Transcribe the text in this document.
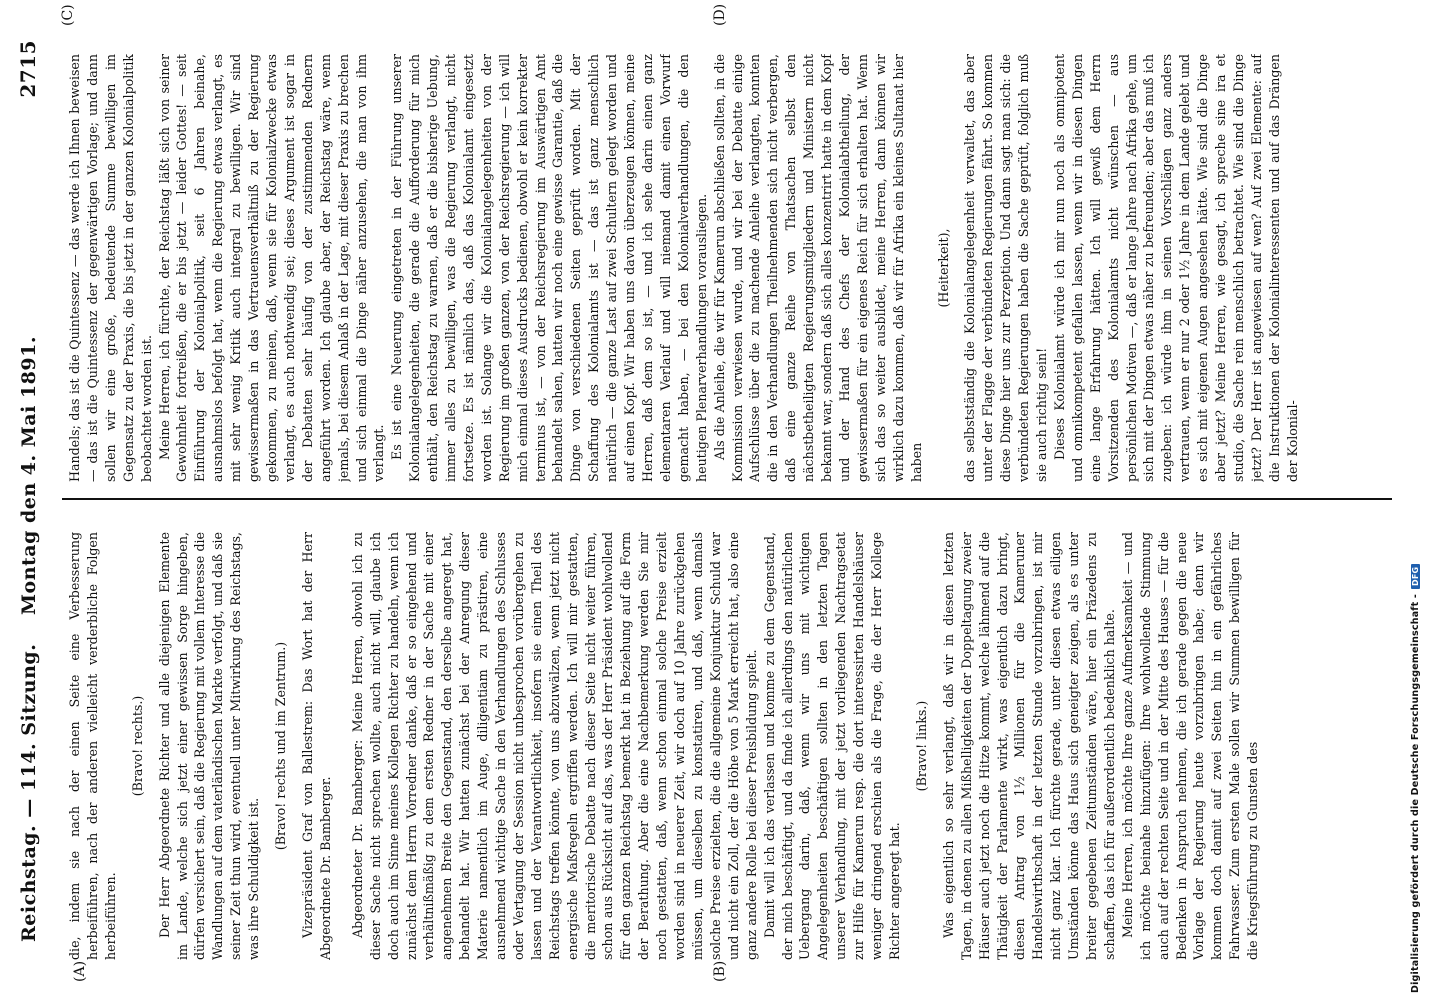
Reichstag. — 114. Sitzung.
Montag den 4. Mai 1891.
2715
(A)	(B)
(C)	(D)

die, indem sie nach der einen Seite eine Verbesserung herbeiführen, nach der anderen vielleicht verderbliche Folgen herbeiführen.

(Bravo! rechts.) Der Herr Abgeordnete Richter und alle diejenigen Elemente im Lande, welche sich jetzt einer gewissen Sorge hingeben, dürfen versichert sein, daß die Regierung mit vollem Interesse die Wandlungen auf dem vaterländischen Markte verfolgt, und daß sie seiner Zeit thun wird, eventuell unter Mitwirkung des Reichstags, was ihre Schuldigkeit ist.

(Bravo! rechts und im Zentrum.) Vizepräsident Graf von Ballestrem: Das Wort hat der Herr Abgeordnete Dr. Bamberger. Abgeordneter Dr. Bamberger: Meine Herren, obwohl ich zu dieser Sache nicht sprechen wollte, auch nicht will, glaube ich doch auch im Sinne meines Kollegen Richter zu handeln, wenn ich zunächst dem Herrn Vorredner danke, daß er so eingehend und verhältnißmäßig zu dem ersten Redner in der Sache mit einer angenehmen Breite den Gegenstand, den derselbe angeregt hat, behandelt hat. Wir hatten zunächst bei der Anregung dieser Materie namentlich im Auge, diligentiam zu prästiren, eine ausnehmend wichtige Sache in den Verhandlungen des Schlusses oder Vertagung der Session nicht unbesprochen vorübergehen zu lassen und der Verantwortlichkeit, insofern sie einen Theil des Reichstags treffen könnte, von uns abzuwälzen, wenn jetzt nicht energische Maßregeln ergriffen werden. Ich will mir gestatten, die meritorische Debatte nach dieser Seite nicht weiter führen, schon aus Rücksicht auf das, was der Herr Präsident wohlwollend für den ganzen Reichstag bemerkt hat in Beziehung auf die Form der Berathung. Aber die eine Nachbemerkung werden Sie mir noch gestatten, daß, wenn schon einmal solche Preise erzielt worden sind in neuerer Zeit, wir doch auf 10 Jahre zurückgehen müssen, um dieselben zu konstatiren, und daß, wenn damals solche Preise erzielten, die die allgemeine Konjunktur Schuld war und nicht ein Zoll, der die Höhe von 5 Mark erreicht hat, also eine ganz andere Rolle bei dieser Preisbildung spielt. Damit will ich das verlassen und komme zu dem Gegenstand, der mich beschäftigt, und da finde ich allerdings den natürlichen Uebergang darin, daß, wenn wir uns mit wichtigen Angelegenheiten beschäftigen sollten in den letzten Tagen unserer Verhandlung, mit der jetzt vorliegenden Nachtragsetat zur Hilfe für Kamerun resp. die dort interessirten Handelshäuser weniger dringend erschien als die Frage, die der Herr Kollege Richter angeregt hat.

(Bravo! links.) Was eigentlich so sehr verlangt, daß wir in diesen letzten Tagen, in denen zu allen Mißhelligkeiten der Doppeltagung zweier Häuser auch jetzt noch die Hitze kommt, welche lähmend auf die Thätigkeit der Parlamente wirkt, was eigentlich dazu bringt, diesen Antrag von 1½ Millionen für die Kameruner Handelswirthschaft in der letzten Stunde vorzubringen, ist mir nicht ganz klar. Ich fürchte gerade, unter diesen etwas eiligen Umständen könne das Haus sich geneigter zeigen, als es unter breiter gegebenen Zeitumständen wäre, hier ein Präzedens zu schaffen, das ich für außerordentlich bedenklich halte. Meine Herren, ich möchte Ihre ganze Aufmerksamkeit — und ich möchte beinahe hinzufügen: Ihre wohlwollende Stimmung auch auf der rechten Seite und in der Mitte des Hauses — für die Bedenken in Anspruch nehmen, die ich gerade gegen die neue Vorlage der Regierung heute vorzubringen habe; denn wir kommen doch damit auf zwei Seiten hin in ein gefährliches Fahrwasser. Zum ersten Male sollen wir Summen bewilligen für die Kriegsführung zu Gunsten des

Handels; das ist die Quintessenz — das werde ich Ihnen beweisen — das ist die Quintessenz der gegenwärtigen Vorlage; und dann sollen wir eine große, bedeutende Summe bewilligen im Gegensatz zu der Praxis, die bis jetzt in der ganzen Kolonialpolitik beobachtet worden ist. Meine Herren, ich fürchte, der Reichstag läßt sich von seiner Gewohnheit fortreißen, die er bis jetzt — leider Gottes! — seit Einführung der Kolonialpolitik, seit 6 Jahren beinahe, ausnahmslos befolgt hat, wenn die Regierung etwas verlangt, es mit sehr wenig Kritik auch integral zu bewilligen. Wir sind gewissermaßen in das Vertrauensverhältniß zu der Regierung gekommen, zu meinen, daß, wenn sie für Kolonialzwecke etwas verlangt, es auch nothwendig sei; dieses Argument ist sogar in der Debatten sehr häufig von der zustimmenden Rednern angeführt worden. Ich glaube aber, der Reichstag wäre, wenn jemals, bei diesem Anlaß in der Lage, mit dieser Praxis zu brechen und sich einmal die Dinge näher anzusehen, die man von ihm verlangt. Es ist eine Neuerung eingetreten in der Führung unserer Kolonialangelegenheiten, die gerade die Aufforderung für mich enthält, den Reichstag zu warnen, daß er die bisherige Uebung, immer alles zu bewilligen, was die Regierung verlangt, nicht fortsetze. Es ist nämlich das, daß das Kolonialamt eingesetzt worden ist. Solange wir die Kolonialangelegenheiten von der Regierung im großen ganzen, von der Reichsregierung — ich will mich einmal dieses Ausdrucks bedienen, obwohl er kein korrekter terminus ist, — von der Reichsregierung im Auswärtigen Amt behandelt sahen, hatten wir noch eine gewisse Garantie, daß die Dinge von verschiedenen Seiten geprüft worden. Mit der Schaffung des Kolonialamts ist — das ist ganz menschlich natürlich — die ganze Last auf zwei Schultern gelegt worden und auf einen Kopf. Wir haben uns davon überzeugen können, meine Herren, daß dem so ist, — und ich sehe darin einen ganz elementaren Verlauf und will niemand damit einen Vorwurf gemacht haben, — bei den Kolonialverhandlungen, die den heutigen Plenarverhandlungen vorausliegen. Als die Anleihe, die wir für Kamerun abschließen sollten, in die Kommission verwiesen wurde, und wir bei der Debatte einige Aufschlüsse über die zu machende Anleihe verlangten, konnten die in den Verhandlungen Theilnehmenden sich nicht verbergen, daß eine ganze Reihe von Thatsachen selbst den nächstbetheiligten Regierungsmitgliedern und Ministern nicht bekannt war, sondern daß sich alles konzentrirt hatte in dem Kopf und der Hand des Chefs der Kolonialabtheilung, der gewissermaßen für ein eigenes Reich für sich erhalten hat. Wenn sich das so weiter ausbildet, meine Herren, dann können wir wirklich dazu kommen, daß wir für Afrika ein kleines Sultanat hier haben

(Heiterkeit), das selbstständig die Kolonialangelegenheit verwaltet, das aber unter der Flagge der verbündeten Regierungen fährt. So kommen diese Dinge hier uns zur Perzeption. Und dann sagt man sich: die verbündeten Regierungen haben die Sache geprüft, folglich muß sie auch richtig sein! Dieses Kolonialamt würde ich mir nun noch als omnipotent und omnikompetent gefallen lassen, wenn wir in diesen Dingen eine lange Erfahrung hätten. Ich will gewiß dem Herrn Vorsitzenden des Kolonialamts nicht wünschen — aus persönlichen Motiven —, daß er lange Jahre nach Afrika gehe, um sich mit der Dingen etwas näher zu befreunden; aber das muß ich zugeben: ich würde ihm in seinen Vorschlägen ganz anders vertrauen, wenn er nur 2 oder 1½ Jahre in dem Lande gelebt und es sich mit eigenen Augen angesehen hätte. Wie sind die Dinge aber jetzt? Meine Herren, wie gesagt, ich spreche sine ira et studio, die Sache rein menschlich betrachtet. Wie sind die Dinge jetzt? Der Herr ist angewiesen auf wen? Auf zwei Elemente: auf die Instruktionen der Kolonialinteressenten und auf das Drängen der Kolonial-

Digitalisierung gefördert durch die Deutsche Forschungsgemeinschaft -DFG
